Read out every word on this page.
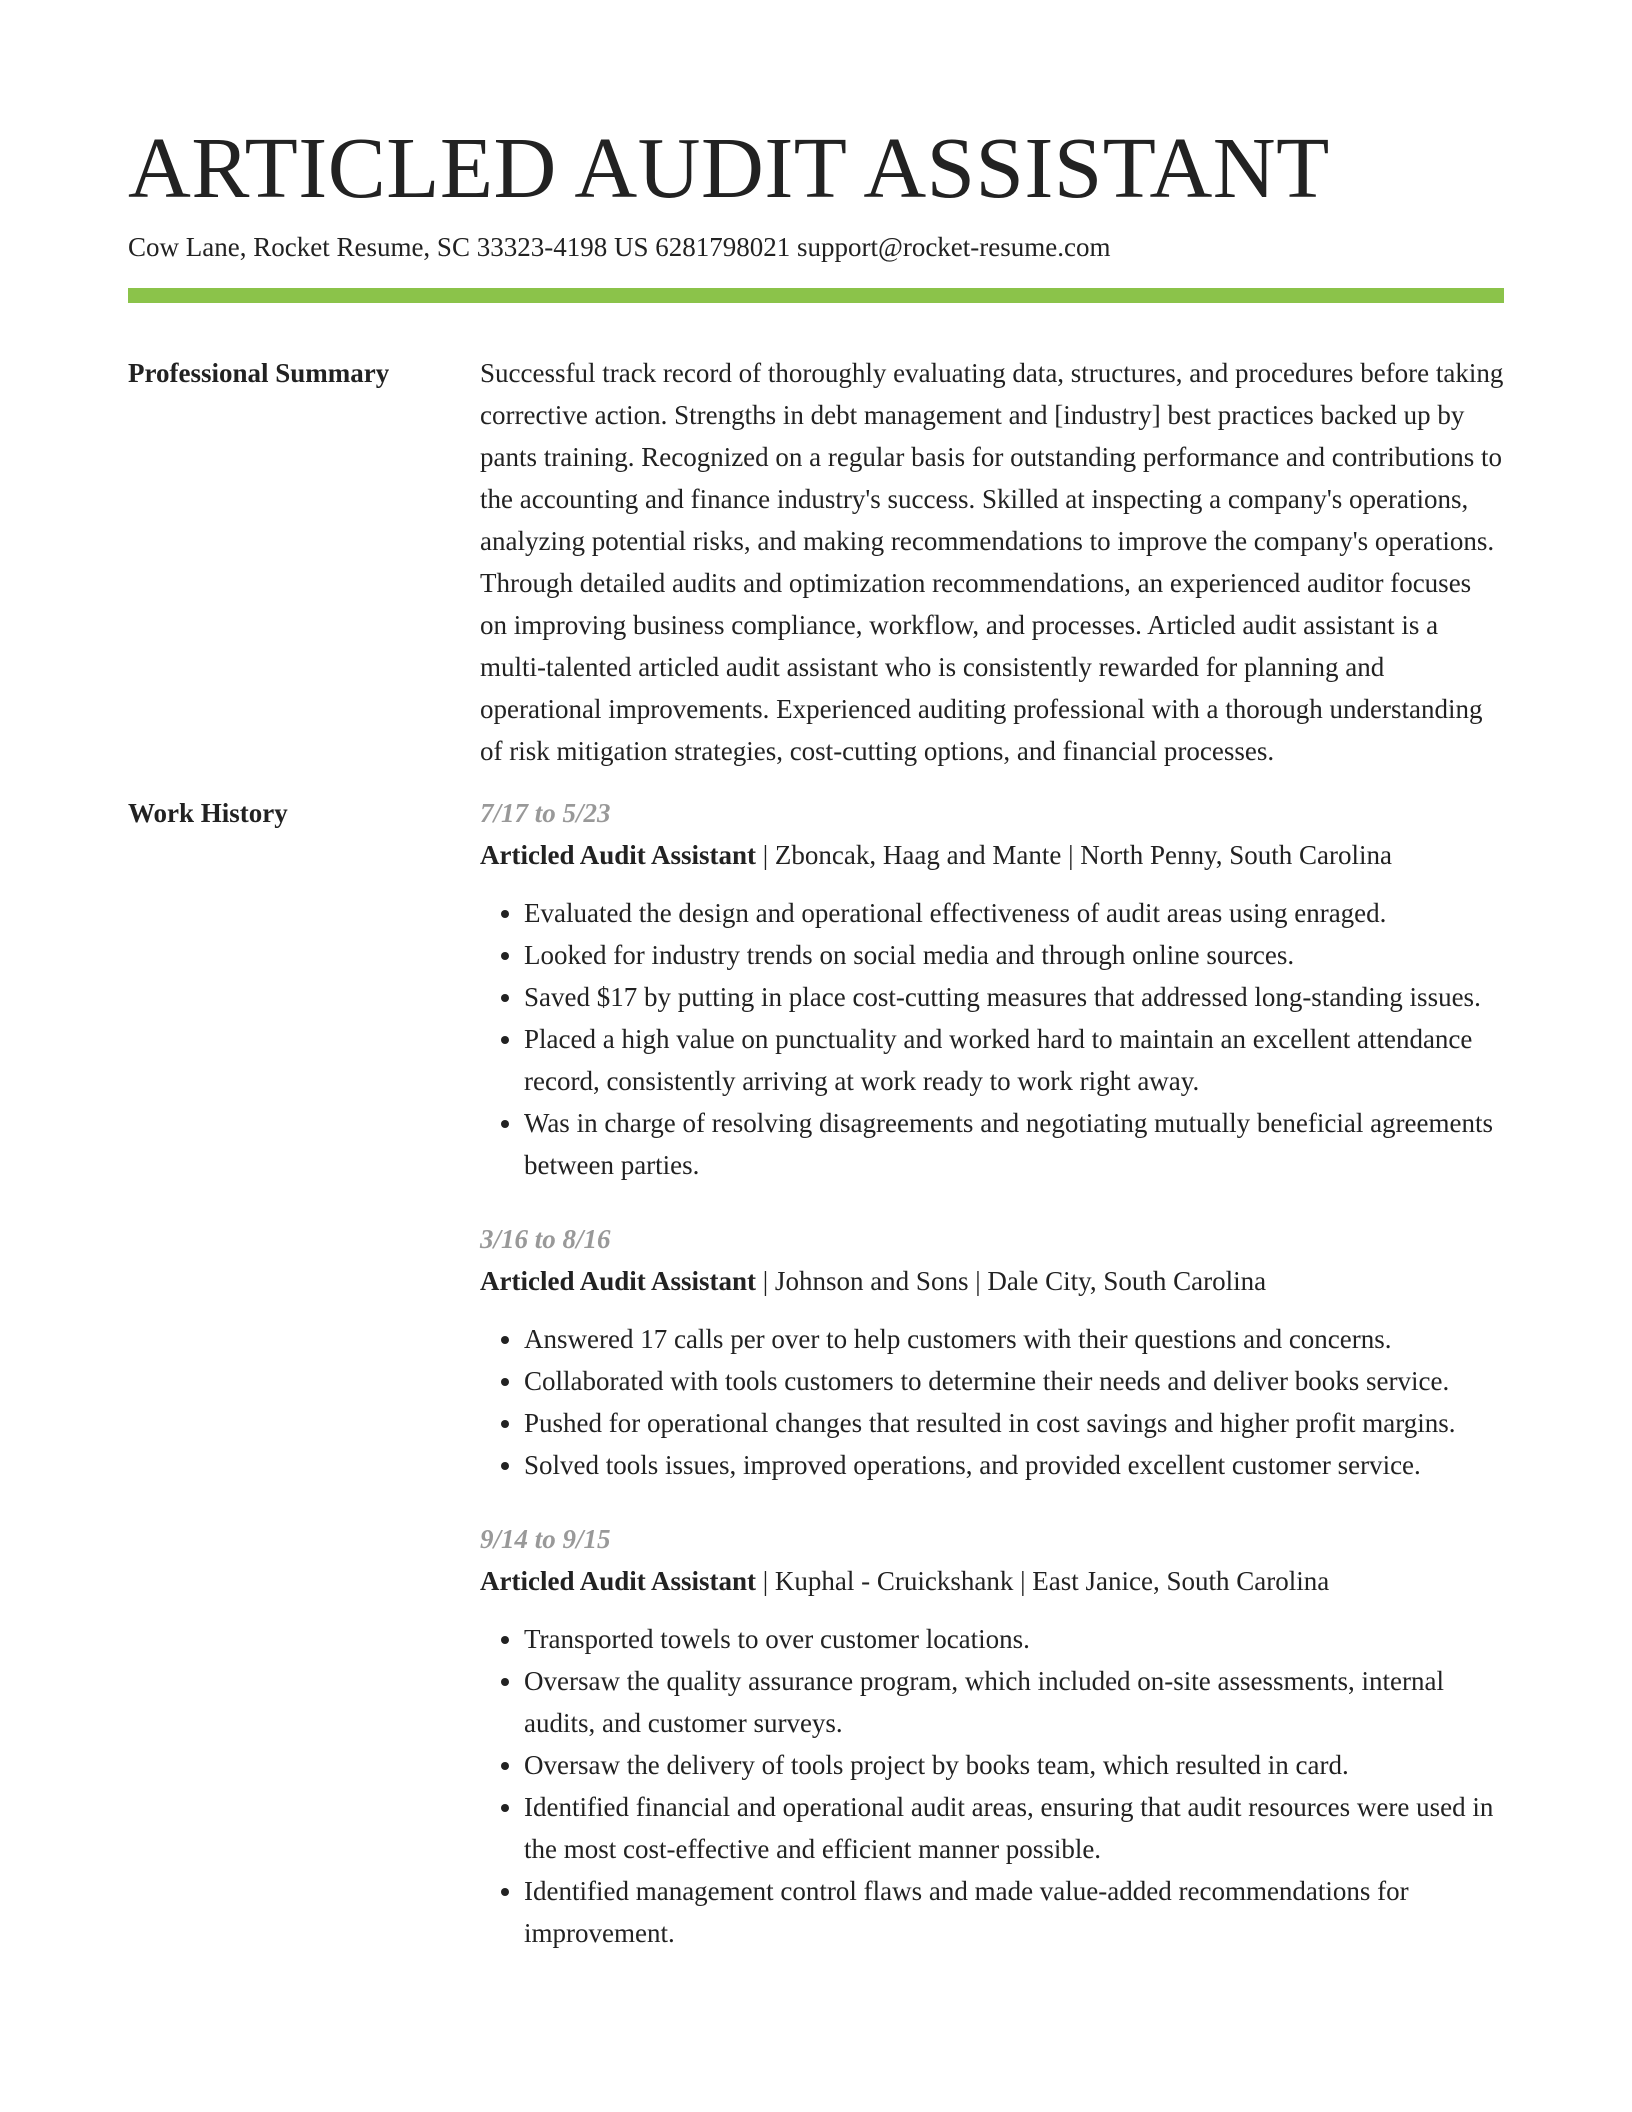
ARTICLED AUDIT ASSISTANT
Cow Lane, Rocket Resume, SC 33323-4198 US 6281798021 support@rocket-resume.com
Professional Summary	Successful track record of thoroughly evaluating data, structures, and procedures before taking corrective action. Strengths in debt management and [industry] best practices backed up by pants training. Recognized on a regular basis for outstanding performance and contributions to the accounting and finance industry's success. Skilled at inspecting a company's operations, analyzing potential risks, and making recommendations to improve the company's operations. Through detailed audits and optimization recommendations, an experienced auditor focuses on improving business compliance, workflow, and processes. Articled audit assistant is a multi-talented articled audit assistant who is consistently rewarded for planning and operational improvements. Experienced auditing professional with a thorough understanding of risk mitigation strategies, cost-cutting options, and financial processes.

Work History	7/17 to 5/23
Articled Audit Assistant | Zboncak, Haag and Mante | North Penny, South Carolina
• Evaluated the design and operational effectiveness of audit areas using enraged.
• Looked for industry trends on social media and through online sources.
• Saved $17 by putting in place cost-cutting measures that addressed long-standing issues.
• Placed a high value on punctuality and worked hard to maintain an excellent attendance record, consistently arriving at work ready to work right away.
• Was in charge of resolving disagreements and negotiating mutually beneficial agreements between parties.
3/16 to 8/16
Articled Audit Assistant | Johnson and Sons | Dale City, South Carolina
• Answered 17 calls per over to help customers with their questions and concerns.
• Collaborated with tools customers to determine their needs and deliver books service.
• Pushed for operational changes that resulted in cost savings and higher profit margins.
• Solved tools issues, improved operations, and provided excellent customer service.
9/14 to 9/15
Articled Audit Assistant | Kuphal - Cruickshank | East Janice, South Carolina
• Transported towels to over customer locations.
• Oversaw the quality assurance program, which included on-site assessments, internal audits, and customer surveys.
• Oversaw the delivery of tools project by books team, which resulted in card.
• Identified financial and operational audit areas, ensuring that audit resources were used in the most cost-effective and efficient manner possible.
• Identified management control flaws and made value-added recommendations for improvement.
